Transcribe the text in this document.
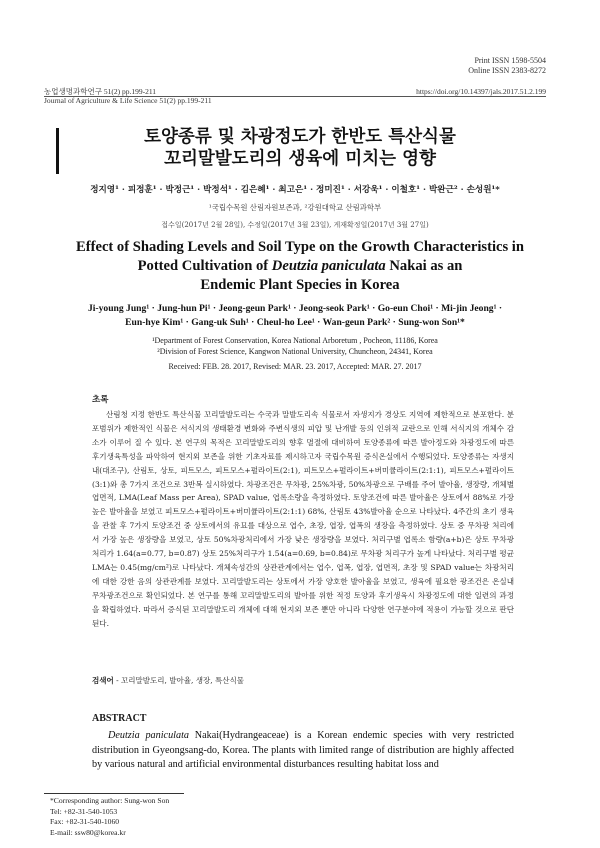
Print ISSN 1598-5504
Online ISSN 2383-8272
농업생명과학연구 51(2) pp.199-211
Journal of Agriculture & Life Science 51(2) pp.199-211
https://doi.org/10.14397/jals.2017.51.2.199
토양종류 및 차광정도가 한반도 특산식물
꼬리말발도리의 생육에 미치는 영향
정지영¹ · 피정훈¹ · 박정근¹ · 박정석¹ · 김은혜¹ · 최고은¹ · 정미진¹ · 서강욱¹ · 이철호¹ · 박완근² · 손성원¹*
¹국립수목원 산림자원보존과, ²강원대학교 산림과학부
접수일(2017년 2월 28일), 수정일(2017년 3월 23일), 게재확정일(2017년 3월 27일)
Effect of Shading Levels and Soil Type on the Growth Characteristics in
Potted Cultivation of Deutzia paniculata Nakai as an
Endemic Plant Species in Korea
Ji-young Jung¹ · Jung-hun Pi¹ · Jeong-geun Park¹ · Jeong-seok Park¹ · Go-eun Choi¹ · Mi-jin Jeong¹ ·
Eun-hye Kim¹ · Gang-uk Suh¹ · Cheul-ho Lee¹ · Wan-geun Park² · Sung-won Son¹*
¹Department of Forest Conservation, Korea National Arboretum , Pocheon, 11186, Korea
²Division of Forest Science, Kangwon National University, Chuncheon, 24341, Korea
Received: FEB. 28. 2017, Revised: MAR. 23. 2017, Accepted: MAR. 27. 2017
초록
산림청 지정 한반도 특산식물 꼬리말발도리는 수국과 말발도리속 식물로서 자생지가 경상도 지역에 제한적으로 분포한다. 분포범위가 제한적인 식물은 서식지의 생태환경 변화와 주변식생의 피압 및 난개발 등의 인위적 교란으로 인해 서식지의 개체수 감소가 이루어 질 수 있다. 본 연구의 목적은 꼬리말발도리의 향후 멸절에 대비하여 토양종류에 따른 발아정도와 차광정도에 따른 후기생육특성을 파악하여 현지외 보존을 위한 기초자료를 제시하고자 국립수목원 증식온실에서 수행되었다. 토양종류는 자생지내(대조구), 산림토, 상토, 피트모스, 피트모스+펄라이트(2:1), 피트모스+펄라이트+버미큘라이트(2:1:1), 피트모스+펄라이트(3:1)와 총 7가지 조건으로 3반복 실시하였다. 차광조건은 무차광, 25%차광, 50%차광으로 구배를 주어 발아율, 생장량, 개체별 엽면적, LMA(Leaf Mass per Area), SPAD value, 엽록소량을 측정하였다. 토양조건에 따른 발아율은 상토에서 88%로 가장 높은 발아율을 보였고 피트모스+펄라이트+버미큘라이트(2:1:1) 68%, 산림토 43%발아율 순으로 나타났다. 4주간의 초기 생육을 관찰 후 7가지 토양조건 중 상토에서의 유묘를 대상으로 엽수, 초장, 엽장, 엽폭의 생장을 측정하였다. 상토 중 무차광 처리에서 가장 높은 생장량을 보였고, 상토 50%차광처리에서 가장 낮은 생장량을 보였다. 처리구별 엽록소 함량(a+b)은 상토 무차광 처리가 1.64(a=0.77, b=0.87) 상토 25%처리구가 1.54(a=0.69, b=0.84)로 무차광 처리구가 높게 나타났다. 처리구별 평균 LMA는 0.45(mg/cm²)로 나타났다. 개체속성간의 상관관계에서는 엽수, 엽폭, 엽장, 엽면적, 초장 및 SPAD value는 차광처리에 대한 강한 음의 상관관계를 보였다. 꼬리말발도리는 상토에서 가장 양호한 발아율을 보였고, 생육에 필요한 광조건은 온실내 무차광조건으로 확인되었다. 본 연구를 통해 꼬리말발도리의 발아를 위한 적정 토양과 후기생육시 차광정도에 대한 일련의 과정을 확립하였다. 따라서 증식된 꼬리말발도리 개체에 대해 현지외 보존 뿐만 아니라 다양한 연구분야에 적용이 가능할 것으로 판단된다.
검색어 - 꼬리말발도리, 발아율, 생장, 특산식물
ABSTRACT
Deutzia paniculata Nakai(Hydrangeaceae) is a Korean endemic species with very restricted distribution in Gyeongsang-do, Korea. The plants with limited range of distribution are highly affected by various natural and artificial environmental disturbances resulting habitat loss and
*Corresponding author: Sung-won Son
Tel: +82-31-540-1053
Fax: +82-31-540-1060
E-mail: ssw80@korea.kr
